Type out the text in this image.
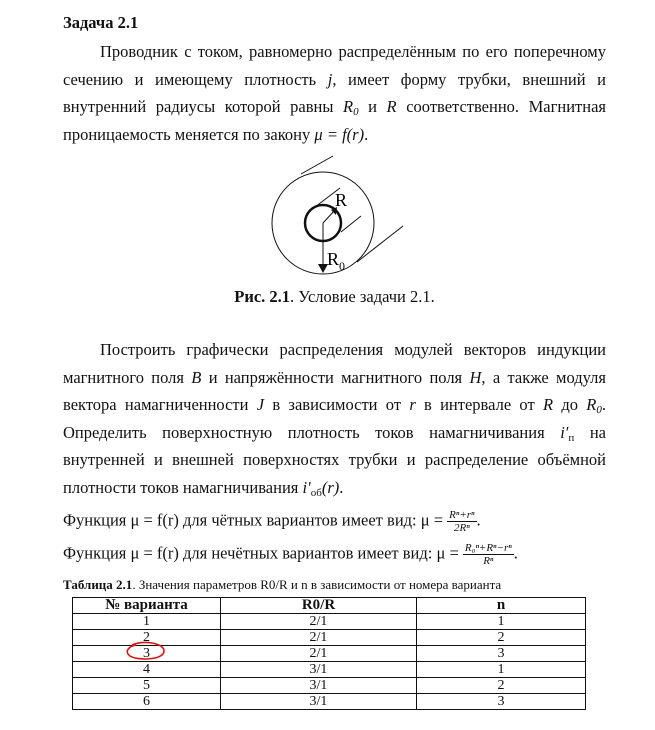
Задача 2.1

Проводник с током, равномерно распределённым по его поперечному сечению и имеющему плотность j, имеет форму трубки, внешний и внутренний радиусы которой равны $R_0$ и R соответственно. Магнитная проницаемость меняется по закону μ = f(r).

R
R 0
Рис. 2.1. Условие задачи 2.1.

Построить графически распределения модулей векторов индукции магнитного поля B и напряжённости магнитного поля H, а также модуля вектора намагниченности J в зависимости от r в интервале от R до $R_0$. Определить поверхностную плотность токов намагничивания $i'_п$ на внутренней и внешней поверхностях трубки и распределение объёмной плотности токов намагничивания $i'_{об}(r)$.

Функция μ = f(r) для чётных вариантов имеет вид: $\mu = \frac{\text{Rⁿ+rⁿ}}{\text{2Rⁿ}}$ .
Функция μ = f(r) для нечётных вариантов имеет вид: $\mu = \frac{\text{R₀ⁿ+Rⁿ−rⁿ}}{\text{Rⁿ}}$ .
Таблица 2.1. Значения параметров R0/R и n в зависимости от номера варианта
№ варианта	R0/R	n
1	2/1	1
2	2/1	2
3	2/1	3
4	3/1	1
5	3/1	2
6	3/1	3
